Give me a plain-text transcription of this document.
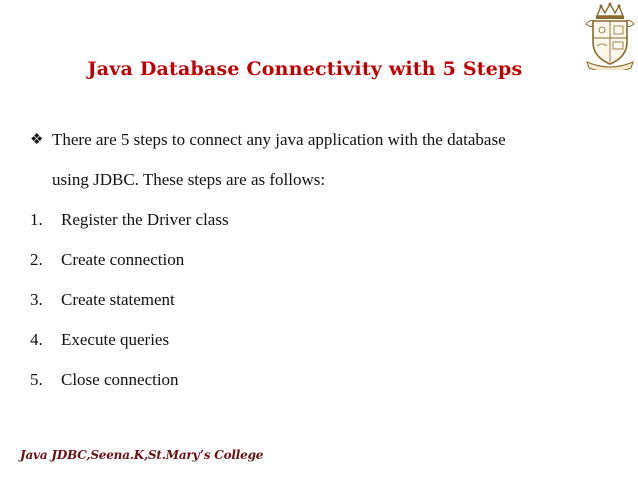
Java Database Connectivity with 5 Steps
❖ There are 5 steps to connect any java application with the database
using JDBC. These steps are as follows:
1.	Register the Driver class
2.	Create connection
3.	Create statement
4.	Execute queries
5.	Close connection
Java JDBC,Seena.K,St.Mary’s College
